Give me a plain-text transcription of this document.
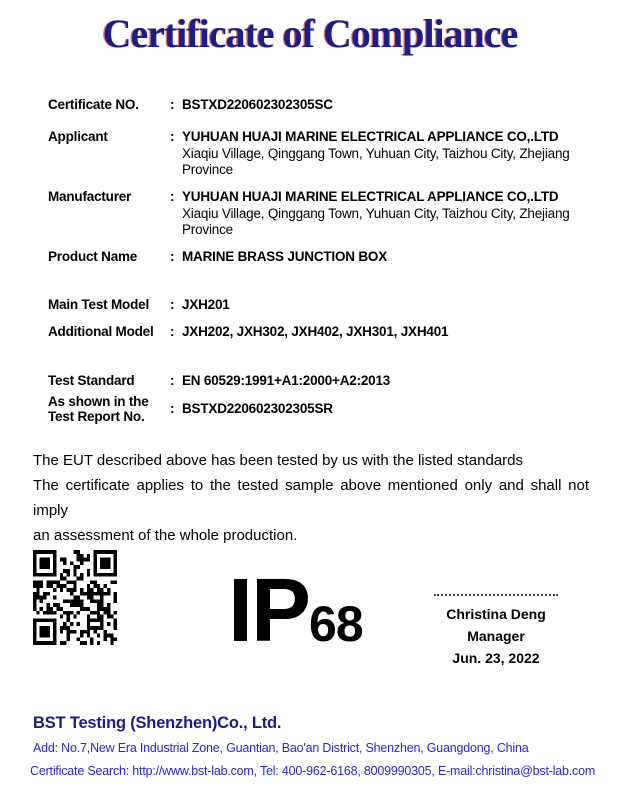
Certificate of Compliance
Certificate NO.	: BSTXD220602302305SC
Applicant	: YUHUAN HUAJI MARINE ELECTRICAL APPLIANCE CO,.LTD
Xiaqiu Village, Qinggang Town, Yuhuan City, Taizhou City, Zhejiang
Province
Manufacturer	: YUHUAN HUAJI MARINE ELECTRICAL APPLIANCE CO,.LTD
Xiaqiu Village, Qinggang Town, Yuhuan City, Taizhou City, Zhejiang
Province
Product Name	: MARINE BRASS JUNCTION BOX
Main Test Model	: JXH201
Additional Model	: JXH202, JXH302, JXH402, JXH301, JXH401
Test Standard	: EN 60529:1991+A1:2000+A2:2013
As shown in the
Test Report No.
: BSTXD220602302305SR
The EUT described above has been tested by us with the listed standards
The certificate applies to the tested sample above mentioned only and shall not imply
an assessment of the whole production.
IP68	Christina Deng
Manager
Jun. 23, 2022
BST Testing (Shenzhen)Co., Ltd.
Add: No.7,New Era Industrial Zone, Guantian, Bao'an District, Shenzhen, Guangdong, China
Certificate Search: http://www.bst-lab.com, Tel: 400-962-6168, 8009990305, E-mail:christina@bst-lab.com
